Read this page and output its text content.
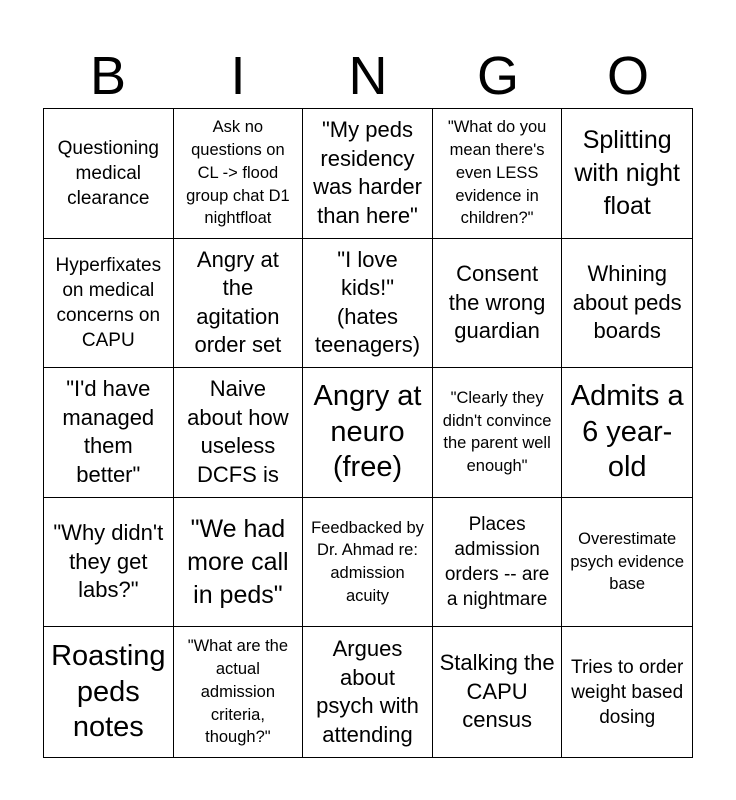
B	I	N	G	O
Questioning medical clearance
Ask no questions on CL -> flood group chat D1 nightfloat
"My peds residency was harder than here"
"What do you mean there's even LESS evidence in children?"
Splitting with night float
Hyperfixates on medical concerns on CAPU
Angry at the agitation order set
"I love kids!" (hates teenagers)
Consent the wrong guardian
Whining about peds boards
"I'd have managed them better"
Naive about how useless DCFS is
Angry at neuro (free)
"Clearly they didn't convince the parent well enough"
Admits a 6 year-old
"Why didn't they get labs?"
"We had more call in peds"
Feedbacked by Dr. Ahmad re: admission acuity
Places admission orders -- are a nightmare
Overestimate psych evidence base
Roasting peds notes
"What are the actual admission criteria, though?"
Argues about psych with attending
Stalking the CAPU census
Tries to order weight based dosing
